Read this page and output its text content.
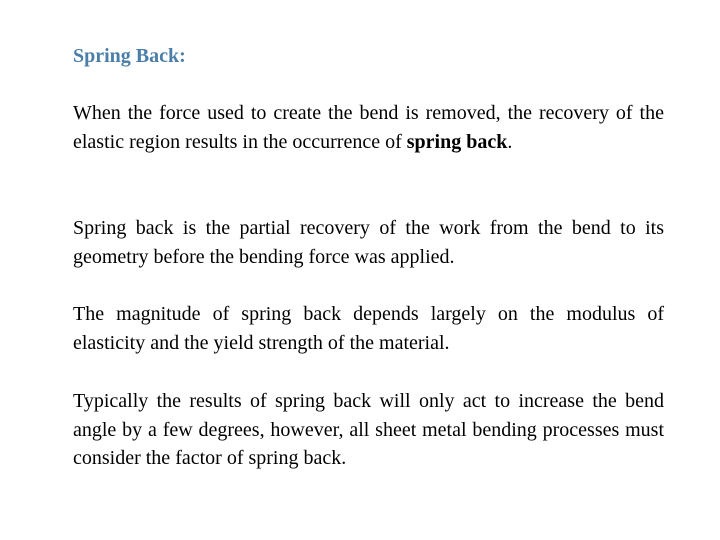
Spring Back:

When the force used to create the bend is removed, the recovery of the elastic region results in the occurrence of spring back.

Spring back is the partial recovery of the work from the bend to its geometry before the bending force was applied.

The magnitude of spring back depends largely on the modulus of elasticity and the yield strength of the material.

Typically the results of spring back will only act to increase the bend angle by a few degrees, however, all sheet metal bending processes must consider the factor of spring back.
